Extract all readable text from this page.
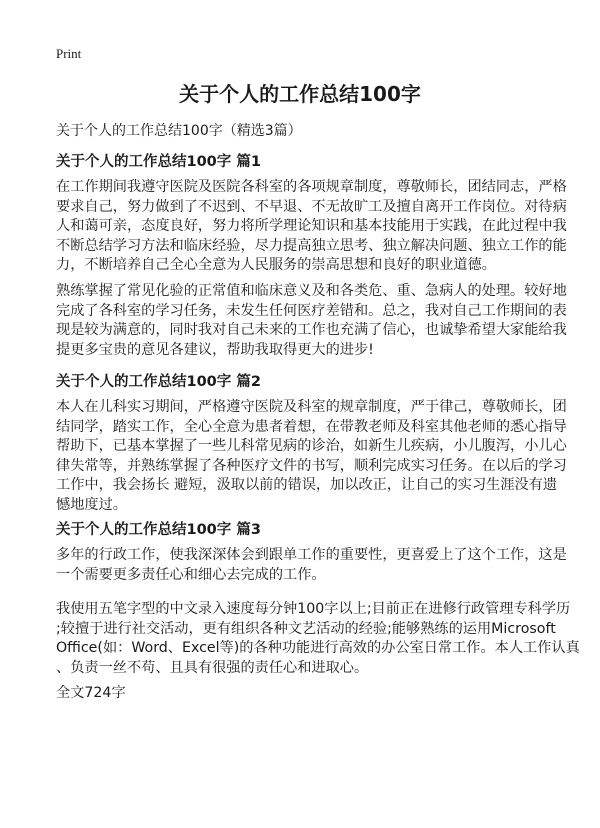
Print
关于个人的工作总结100字
关于个人的工作总结100字（精选3篇）
关于个人的工作总结100字 篇1
在工作期间我遵守医院及医院各科室的各项规章制度，尊敬师长，团结同志，严格
要求自己，努力做到了不迟到、不早退、不无故旷工及擅自离开工作岗位。对待病
人和蔼可亲，态度良好，努力将所学理论知识和基本技能用于实践，在此过程中我
不断总结学习方法和临床经验，尽力提高独立思考、独立解决问题、独立工作的能
力，不断培养自己全心全意为人民服务的崇高思想和良好的职业道德。
熟练掌握了常见化验的正常值和临床意义及和各类危、重、急病人的处理。较好地
完成了各科室的学习任务，未发生任何医疗差错和。总之，我对自己工作期间的表
现是较为满意的，同时我对自己未来的工作也充满了信心，也诚挚希望大家能给我
提更多宝贵的意见各建议，帮助我取得更大的进步!
关于个人的工作总结100字 篇2
本人在儿科实习期间，严格遵守医院及科室的规章制度，严于律己，尊敬师长，团
结同学，踏实工作，全心全意为患者着想，在带教老师及科室其他老师的悉心指导
帮助下，已基本掌握了一些儿科常见病的诊治，如新生儿疾病，小儿腹泻，小儿心
律失常等，并熟练掌握了各种医疗文件的书写，顺利完成实习任务。在以后的学习
工作中，我会扬长 避短，汲取以前的错误，加以改正，让自己的实习生涯没有遗
憾地度过。
关于个人的工作总结100字 篇3
多年的行政工作，使我深深体会到跟单工作的重要性，更喜爱上了这个工作，这是
一个需要更多责任心和细心去完成的工作。
我使用五笔字型的中文录入速度每分钟100字以上;目前正在进修行政管理专科学历
;较擅于进行社交活动，更有组织各种文艺活动的经验;能够熟练的运用Microsoft
Office(如：Word、Excel等)的各种功能进行高效的办公室日常工作。本人工作认真
、负责一丝不苟、且具有很强的责任心和进取心。
全文724字
